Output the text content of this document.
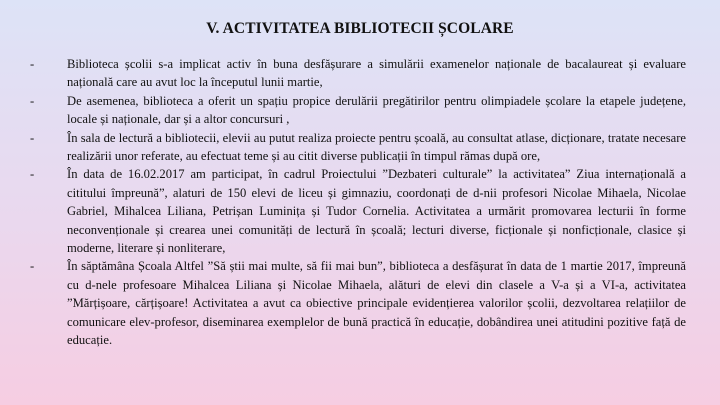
V. ACTIVITATEA BIBLIOTECII ȘCOLARE
-	Biblioteca școlii s-a implicat activ în buna desfășurare a simulării examenelor naționale de bacalaureat și evaluare națională care au avut loc la începutul lunii martie,
-	De asemenea, biblioteca a oferit un spațiu propice derulării pregătirilor pentru olimpiadele școlare la etapele județene, locale și naționale, dar și a altor concursuri ,
-	În sala de lectură a bibliotecii, elevii au putut realiza proiecte pentru școală, au consultat atlase, dicționare, tratate necesare realizării unor referate, au efectuat teme și au citit diverse publicații în timpul rămas după ore,
-	În data de 16.02.2017 am participat, în cadrul Proiectului ”Dezbateri culturale” la activitatea” Ziua internațională a cititului împreună”, alaturi de 150 elevi de liceu și gimnaziu, coordonați de d-nii profesori Nicolae Mihaela, Nicolae Gabriel, Mihalcea Liliana, Petrișan Luminița și Tudor Cornelia. Activitatea a urmărit promovarea lecturii în forme neconvenționale și crearea unei comunități de lectură în școală; lecturi diverse, ficționale și nonficționale, clasice și moderne, literare și nonliterare,
-	În săptămâna Școala Altfel ”Să știi mai multe, să fii mai bun”, biblioteca a desfășurat în data de 1 martie 2017, împreună cu d-nele profesoare Mihalcea Liliana și Nicolae Mihaela, alături de elevi din clasele a V-a și a VI-a, activitatea ”Mărțișoare, cărțișoare! Activitatea a avut ca obiective principale evidențierea valorilor școlii, dezvoltarea relațiilor de comunicare elev-profesor, diseminarea exemplelor de bună practică în educație, dobândirea unei atitudini pozitive față de educație.
